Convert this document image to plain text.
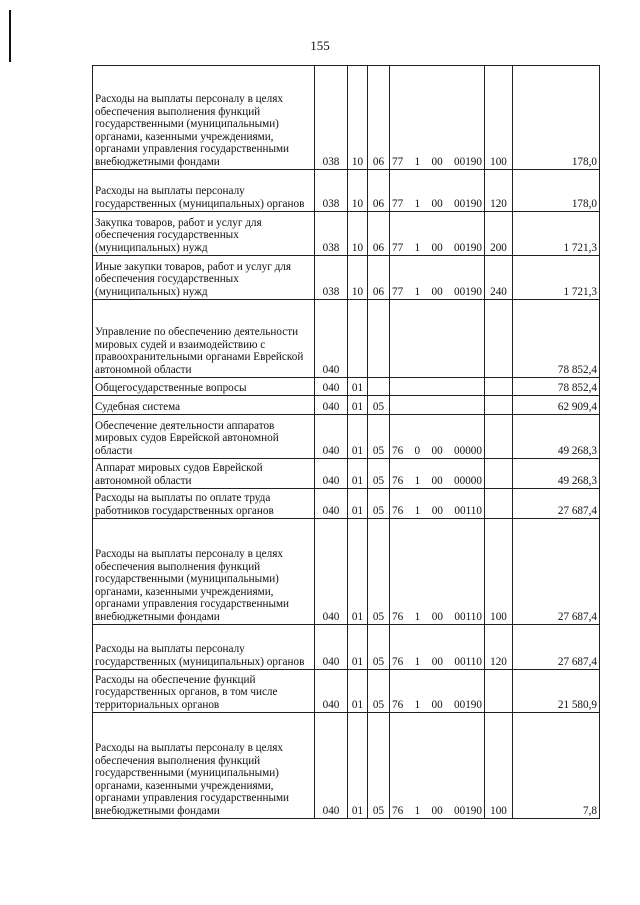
155
Расходы на выплаты персоналу в целях обеспечения выполнения функций государственными (муниципальными) органами, казенными учреждениями, органами управления государственными внебюджетными фондами	038	10	06	77 1 00 00190	100	178,0

Расходы на выплаты персоналу государственных (муниципальных) органов	038	10	06	77 1 00 00190	120	178,0

Закупка товаров, работ и услуг для обеспечения государственных (муниципальных) нужд	038	10	06	77 1 00 00190	200	1 721,3

Иные закупки товаров, работ и услуг для обеспечения государственных (муниципальных) нужд	038	10	06	77 1 00 00190	240	1 721,3

Управление по обеспечению деятельности мировых судей и взаимодействию с правоохранительными органами Еврейской автономной области	040					78 852,4

Общегосударственные вопросы	040	01				78 852,4

Судебная система	040	01	05			62 909,4

Обеспечение деятельности аппаратов мировых судов Еврейской автономной области	040	01	05	76 0 00 00000		49 268,3

Аппарат мировых судов Еврейской автономной области	040	01	05	76 1 00 00000		49 268,3

Расходы на выплаты по оплате труда работников государственных органов	040	01	05	76 1 00 00110		27 687,4

Расходы на выплаты персоналу в целях обеспечения выполнения функций государственными (муниципальными) органами, казенными учреждениями, органами управления государственными внебюджетными фондами	040	01	05	76 1 00 00110	100	27 687,4

Расходы на выплаты персоналу государственных (муниципальных) органов	040	01	05	76 1 00 00110	120	27 687,4

Расходы на обеспечение функций государственных органов, в том числе территориальных органов	040	01	05	76 1 00 00190		21 580,9

Расходы на выплаты персоналу в целях обеспечения выполнения функций государственными (муниципальными) органами, казенными учреждениями, органами управления государственными внебюджетными фондами	040	01	05	76 1 00 00190	100	7,8
